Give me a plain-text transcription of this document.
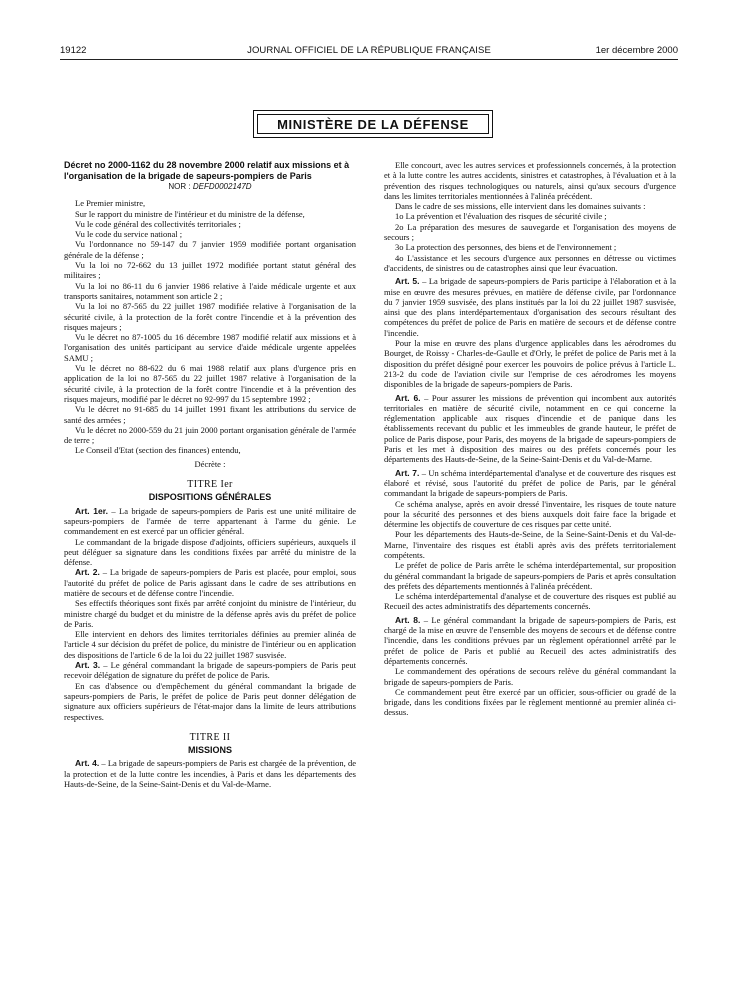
19122	JOURNAL OFFICIEL DE LA RÉPUBLIQUE FRANÇAISE	1er décembre 2000
MINISTÈRE DE LA DÉFENSE

Décret no 2000-1162 du 28 novembre 2000 relatif aux missions et à l'organisation de la brigade de sapeurs-pompiers de Paris

NOR : DEFD0002147D

Le Premier ministre,

Sur le rapport du ministre de l'intérieur et du ministre de la défense,

Vu le code général des collectivités territoriales ;

Vu le code du service national ;

Vu l'ordonnance no 59-147 du 7 janvier 1959 modifiée portant organisation générale de la défense ;

Vu la loi no 72-662 du 13 juillet 1972 modifiée portant statut général des militaires ;

Vu la loi no 86-11 du 6 janvier 1986 relative à l'aide médicale urgente et aux transports sanitaires, notamment son article 2 ;

Vu la loi no 87-565 du 22 juillet 1987 modifiée relative à l'organisation de la sécurité civile, à la protection de la forêt contre l'incendie et à la prévention des risques majeurs ;

Vu le décret no 87-1005 du 16 décembre 1987 modifié relatif aux missions et à l'organisation des unités participant au service d'aide médicale urgente appelées SAMU ;

Vu le décret no 88-622 du 6 mai 1988 relatif aux plans d'urgence pris en application de la loi no 87-565 du 22 juillet 1987 relative à l'organisation de la sécurité civile, à la protection de la forêt contre l'incendie et à la prévention des risques majeurs, modifié par le décret no 92-997 du 15 septembre 1992 ;

Vu le décret no 91-685 du 14 juillet 1991 fixant les attributions du service de santé des armées ;

Vu le décret no 2000-559 du 21 juin 2000 portant organisation générale de l'armée de terre ;

Le Conseil d'Etat (section des finances) entendu,

Décrète :

TITRE Ier
DISPOSITIONS GÉNÉRALES

Art. 1er. – La brigade de sapeurs-pompiers de Paris est une unité militaire de sapeurs-pompiers de l'armée de terre appartenant à l'arme du génie. Le commandement en est exercé par un officier général.

Le commandant de la brigade dispose d'adjoints, officiers supérieurs, auxquels il peut déléguer sa signature dans les conditions fixées par arrêté du ministre de la défense.

Art. 2. – La brigade de sapeurs-pompiers de Paris est placée, pour emploi, sous l'autorité du préfet de police de Paris agissant dans le cadre de ses attributions en matière de secours et de défense contre l'incendie.

Ses effectifs théoriques sont fixés par arrêté conjoint du ministre de l'intérieur, du ministre chargé du budget et du ministre de la défense après avis du préfet de police de Paris.

Elle intervient en dehors des limites territoriales définies au premier alinéa de l'article 4 sur décision du préfet de police, du ministre de l'intérieur ou en application des dispositions de l'article 6 de la loi du 22 juillet 1987 susvisée.

Art. 3. – Le général commandant la brigade de sapeurs-pompiers de Paris peut recevoir délégation de signature du préfet de police de Paris.

En cas d'absence ou d'empêchement du général commandant la brigade de sapeurs-pompiers de Paris, le préfet de police de Paris peut donner délégation de signature aux officiers supérieurs de l'état-major dans la limite de leurs attributions respectives.

TITRE II
MISSIONS

Art. 4. – La brigade de sapeurs-pompiers de Paris est chargée de la prévention, de la protection et de la lutte contre les incendies, à Paris et dans les départements des Hauts-de-Seine, de la Seine-Saint-Denis et du Val-de-Marne.

Elle concourt, avec les autres services et professionnels concernés, à la protection et à la lutte contre les autres accidents, sinistres et catastrophes, à l'évaluation et à la prévention des risques technologiques ou naturels, ainsi qu'aux secours d'urgence dans les limites territoriales mentionnées à l'alinéa précédent.

Dans le cadre de ses missions, elle intervient dans les domaines suivants :

1o La prévention et l'évaluation des risques de sécurité civile ;

2o La préparation des mesures de sauvegarde et l'organisation des moyens de secours ;

3o La protection des personnes, des biens et de l'environnement ;

4o L'assistance et les secours d'urgence aux personnes en détresse ou victimes d'accidents, de sinistres ou de catastrophes ainsi que leur évacuation.

Art. 5. – La brigade de sapeurs-pompiers de Paris participe à l'élaboration et à la mise en œuvre des mesures prévues, en matière de défense civile, par l'ordonnance du 7 janvier 1959 susvisée, des plans institués par la loi du 22 juillet 1987 susvisée, ainsi que des plans interdépartementaux d'organisation des secours résultant des compétences du préfet de police de Paris en matière de secours et de défense contre l'incendie.

Pour la mise en œuvre des plans d'urgence applicables dans les aérodromes du Bourget, de Roissy - Charles-de-Gaulle et d'Orly, le préfet de police de Paris met à la disposition du préfet désigné pour exercer les pouvoirs de police prévus à l'article L. 213-2 du code de l'aviation civile sur l'emprise de ces aérodromes les moyens disponibles de la brigade de sapeurs-pompiers de Paris.

Art. 6. – Pour assurer les missions de prévention qui incombent aux autorités territoriales en matière de sécurité civile, notamment en ce qui concerne la réglementation applicable aux risques d'incendie et de panique dans les établissements recevant du public et les immeubles de grande hauteur, le préfet de police de Paris dispose, pour Paris, des moyens de la brigade de sapeurs-pompiers de Paris et les met à disposition des maires ou des préfets concernés pour les départements des Hauts-de-Seine, de la Seine-Saint-Denis et du Val-de-Marne.

Art. 7. – Un schéma interdépartemental d'analyse et de couverture des risques est élaboré et révisé, sous l'autorité du préfet de police de Paris, par le général commandant la brigade de sapeurs-pompiers de Paris.

Ce schéma analyse, après en avoir dressé l'inventaire, les risques de toute nature pour la sécurité des personnes et des biens auxquels doit faire face la brigade et détermine les objectifs de couverture de ces risques par cette unité.

Pour les départements des Hauts-de-Seine, de la Seine-Saint-Denis et du Val-de-Marne, l'inventaire des risques est établi après avis des préfets territorialement compétents.

Le préfet de police de Paris arrête le schéma interdépartemental, sur proposition du général commandant la brigade de sapeurs-pompiers de Paris et après consultation des préfets des départements mentionnés à l'alinéa précédent.

Le schéma interdépartemental d'analyse et de couverture des risques est publié au Recueil des actes administratifs des départements concernés.

Art. 8. – Le général commandant la brigade de sapeurs-pompiers de Paris, est chargé de la mise en œuvre de l'ensemble des moyens de secours et de défense contre l'incendie, dans les conditions prévues par un règlement opérationnel arrêté par le préfet de police de Paris et publié au Recueil des actes administratifs des départements concernés.

Le commandement des opérations de secours relève du général commandant la brigade de sapeurs-pompiers de Paris.

Ce commandement peut être exercé par un officier, sous-officier ou gradé de la brigade, dans les conditions fixées par le règlement mentionné au premier alinéa ci-dessus.
